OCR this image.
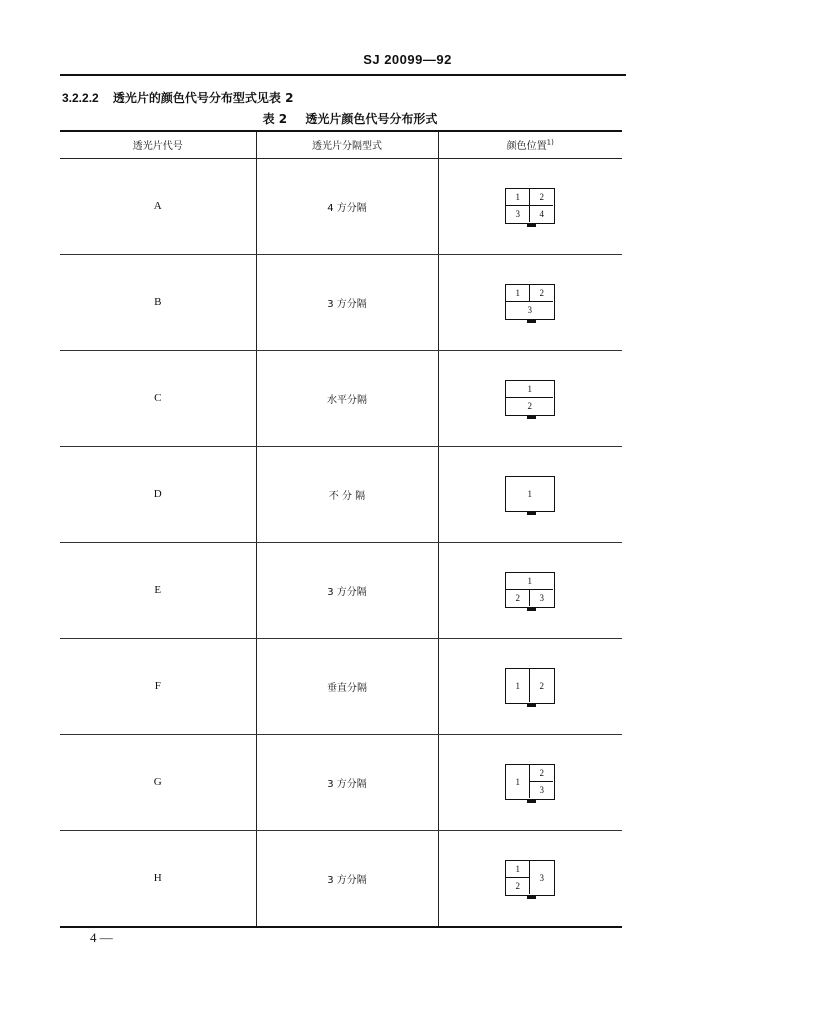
SJ 20099—92
3.2.2.2 透光片的颜色代号分布型式见表 2
表 2 透光片颜色代号分布形式
透光片代号	透光片分隔型式	颜色位置$^{1)}$
A	4 方分隔	1 2
3 4

B	3 方分隔	1 2
3

C	水平分隔	$\frac{1}{2}$

D	不 分 隔	1

E	3 方分隔	1
2 3

F	垂直分隔	1 2

G	3 方分隔	1
2
3

H	3 方分隔	1
2
3
4 —
